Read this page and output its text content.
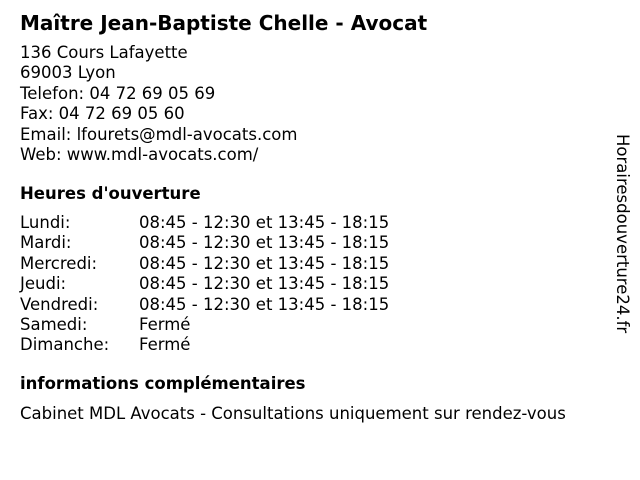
Maître Jean-Baptiste Chelle - Avocat
136 Cours Lafayette
69003 Lyon
Telefon: 04 72 69 05 69
Fax: 04 72 69 05 60
Email: lfourets@mdl-avocats.com
Web: www.mdl-avocats.com/
Heures d'ouverture
Lundi:	08:45 - 12:30 et 13:45 - 18:15
Mardi:	08:45 - 12:30 et 13:45 - 18:15
Mercredi:	08:45 - 12:30 et 13:45 - 18:15
Jeudi:	08:45 - 12:30 et 13:45 - 18:15
Vendredi:	08:45 - 12:30 et 13:45 - 18:15
Samedi:	Fermé
Dimanche:	Fermé
informations complémentaires
Cabinet MDL Avocats - Consultations uniquement sur rendez-vous
Horairesdouverture24.fr
